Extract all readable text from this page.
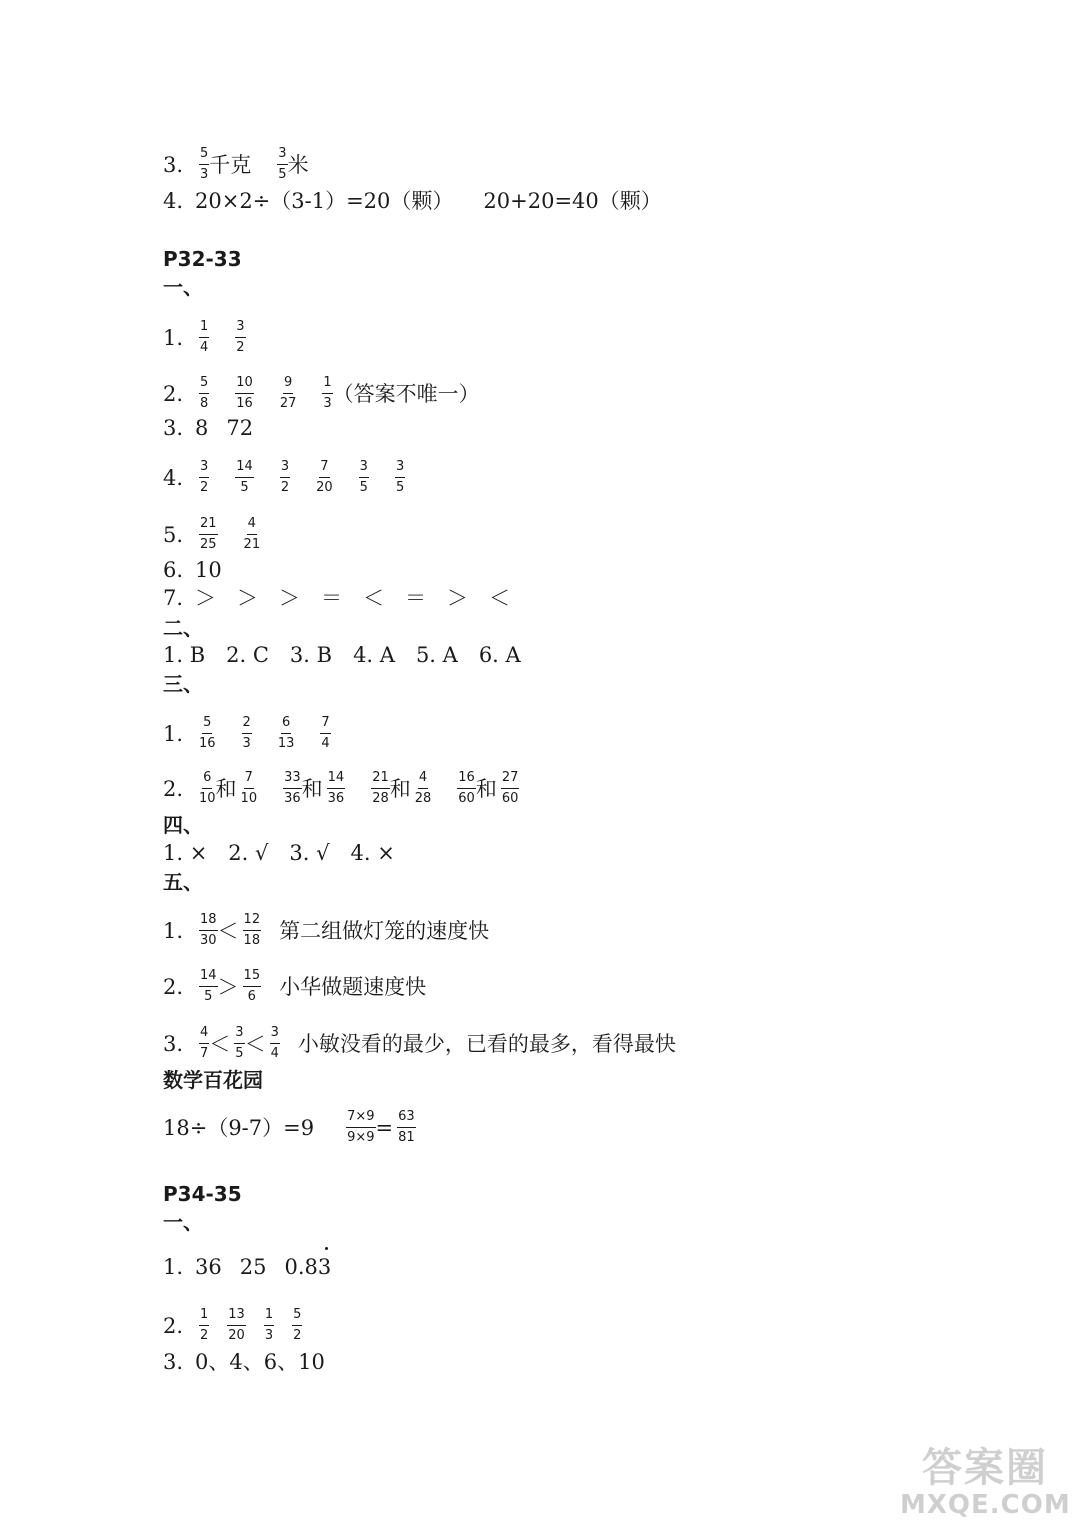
3.	$\frac{5}{3}$ 千克 $\frac{3}{5}$ 米
4. 20×2÷（3-1）=20（颗） 20+20=40（颗）
P32-33
一、
1.	$\frac{1}{4} \frac{3}{2}$
2.	$\frac{5}{8} \frac{10}{16} \frac{9}{27} \frac{1}{3}$ （答案不唯一）
3. 8 72
4.	$\frac{3}{2} \frac{14}{5} \frac{3}{2} \frac{7}{20} \frac{3}{5} \frac{3}{5}$
5.	$\frac{21}{25} \frac{4}{21}$
6. 10
7. ＞　＞　＞　＝　＜　＝　＞　＜
二、
1. B　2. C　3. B　4. A　5. A　6. A
三、
1.	$\frac{5}{16} \frac{2}{3} \frac{6}{13} \frac{7}{4}$
2.	$\frac{6}{10}$ 和 $\frac{7}{10} \frac{33}{36}$ 和 $\frac{14}{36} \frac{21}{28}$ 和 $\frac{4}{28} \frac{16}{60}$ 和 $\frac{27}{60}$
四、
1. ×　2. √　3. √　4. ×
五、
1.	$\frac{18}{30} < \frac{12}{18}$ 第二组做灯笼的速度快
2.	$\frac{14}{5} > \frac{15}{6}$ 小华做题速度快
3.	$\frac{4}{7} < \frac{3}{5} < \frac{3}{4}$ 小敏没看的最少，已看的最多，看得最快
数学百花园
$18\div(9-7)=9 \frac{7\times 9}{9\times 9} = \frac{63}{81}$
P34-35
一、
1. 36 25 0.8 3
2.	$\frac{1}{2} \frac{13}{20} \frac{1}{3} \frac{5}{2}$
3. 0、4、6、10
答案圈
MXQE.COM
